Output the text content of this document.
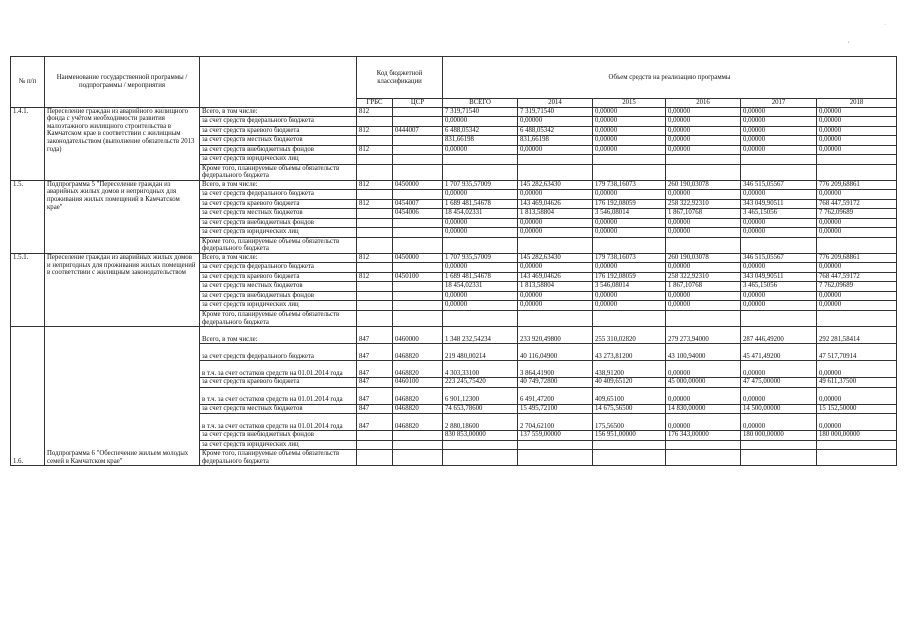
·
,
№ п/п	Наименование государственной программы / подпрограммы / мероприятия		Код бюджетной классификации		Объем средств на реализацию программы					
			ГРБС	ЦСР	ВСЕГО	2014	2015	2016	2017	2018
1.4.1.	Переселение граждан из аварийного жилищного фонда с учётом необходимости развития малоэтажного жилищного строительства в Камчатском крае в соответствии с жилищным законодательством (выполнение обязательств 2013 года)	Всего, в том числе:	812		7 319,71540	7 319,71540	0,00000	0,00000	0,00000	0,00000
		за счет средств федерального бюджета			0,00000	0,00000	0,00000	0,00000	0,00000	0,00000
		за счет средств краевого бюджета	812	0444007	6 488,05342	6 488,05342	0,00000	0,00000	0,00000	0,00000
		за счет средств местных бюджетов			831,66198	831,66198	0,00000	0,00000	0,00000	0,00000
		за счет средств внебюджетных фондов	812		0,00000	0,00000	0,00000	0,00000	0,00000	0,00000
		за счет средств юридических лиц								
		Кроме того, планируемые объемы обязательств федерального бюджета								
1.5.	Подпрограмма 5 "Переселение граждан из аварийных жилых домов и непригодных для проживания жилых помещений в Камчатском крае"	Всего, в том числе:	812	0450000	1 707 935,57009	145 282,63430	179 738,16073	260 190,03078	346 515,05567	776 209,68861
		за счет средств федерального бюджета			0,00000	0,00000	0,00000	0,00000	0,00000	0,00000
		за счет средств краевого бюджета	812	0454007	1 689 481,54678	143 469,04626	176 192,08059	258 322,92310	343 049,90511	768 447,59172
		за счет средств местных бюджетов		0454006	18 454,02331	1 813,58804	3 546,08014	1 867,10768	3 465,15056	7 762,09689
		за счет средств внебюджетных фондов			0,00000	0,00000	0,00000	0,00000	0,00000	0,00000
		за счет средств юридических лиц			0,00000	0,00000	0,00000	0,00000	0,00000	0,00000
		Кроме того, планируемые объемы обязательств федерального бюджета								
1.5.1.	Переселение граждан из аварийных жилых домов и непригодных для проживания жилых помещений в соответствии с жилищным законодательством	Всего, в том числе:	812	0450000	1 707 935,57009	145 282,63430	179 738,16073	260 190,03078	346 515,05567	776 209,68861
		за счет средств федерального бюджета			0,00000	0,00000	0,00000	0,00000	0,00000	0,00000
		за счет средств краевого бюджета	812	0450100	1 689 481,54678	143 469,04626	176 192,08059	258 322,92310	343 049,90511	768 447,59172
		за счет средств местных бюджетов			18 454,02331	1 813,58804	3 546,08014	1 867,10768	3 465,15056	7 762,09689
		за счет средств внебюджетных фондов			0,00000	0,00000	0,00000	0,00000	0,00000	0,00000
		за счет средств юридических лиц			0,00000	0,00000	0,00000	0,00000	0,00000	0,00000
		Кроме того, планируемые объемы обязательств федерального бюджета								
1.6.	Подпрограмма 6 "Обеспечение жильем молодых семей в Камчатском крае"	Всего, в том числе:	847	0460000	1 348 232,54234	233 920,49800	255 310,02820	279 273,94000	287 446,49200	292 281,58414
		за счет средств федерального бюджета	847	0468820	219 480,00214	40 116,04900	43 273,81200	43 100,94000	45 471,49200	47 517,70914
		в т.ч. за счет остатков средств на 01.01.2014 года	847	0468820	4 303,33100	3 864,41900	438,91200	0,00000	0,00000	0,00000
		за счет средств краевого бюджета	847	0460100	223 245,75420	40 749,72800	40 409,65120	45 000,00000	47 475,00000	49 611,37500
		в т.ч. за счет остатков средств на 01.01.2014 года	847	0468820	6 901,12300	6 491,47200	409,65100	0,00000	0,00000	0,00000
		за счет средств местных бюджетов	847	0468820	74 653,78600	15 495,72100	14 675,56500	14 830,00000	14 500,00000	15 152,50000
		в т.ч. за счет остатков средств на 01.01.2014 года	847	0468820	2 880,18600	2 704,62100	175,56500	0,00000	0,00000	0,00000
		за счет средств внебюджетных фондов			830 853,00000	137 559,00000	156 951,00000	176 343,00000	180 000,00000	180 000,00000
		за счет средств юридических лиц								
		Кроме того, планируемые объемы обязательств федерального бюджета								
